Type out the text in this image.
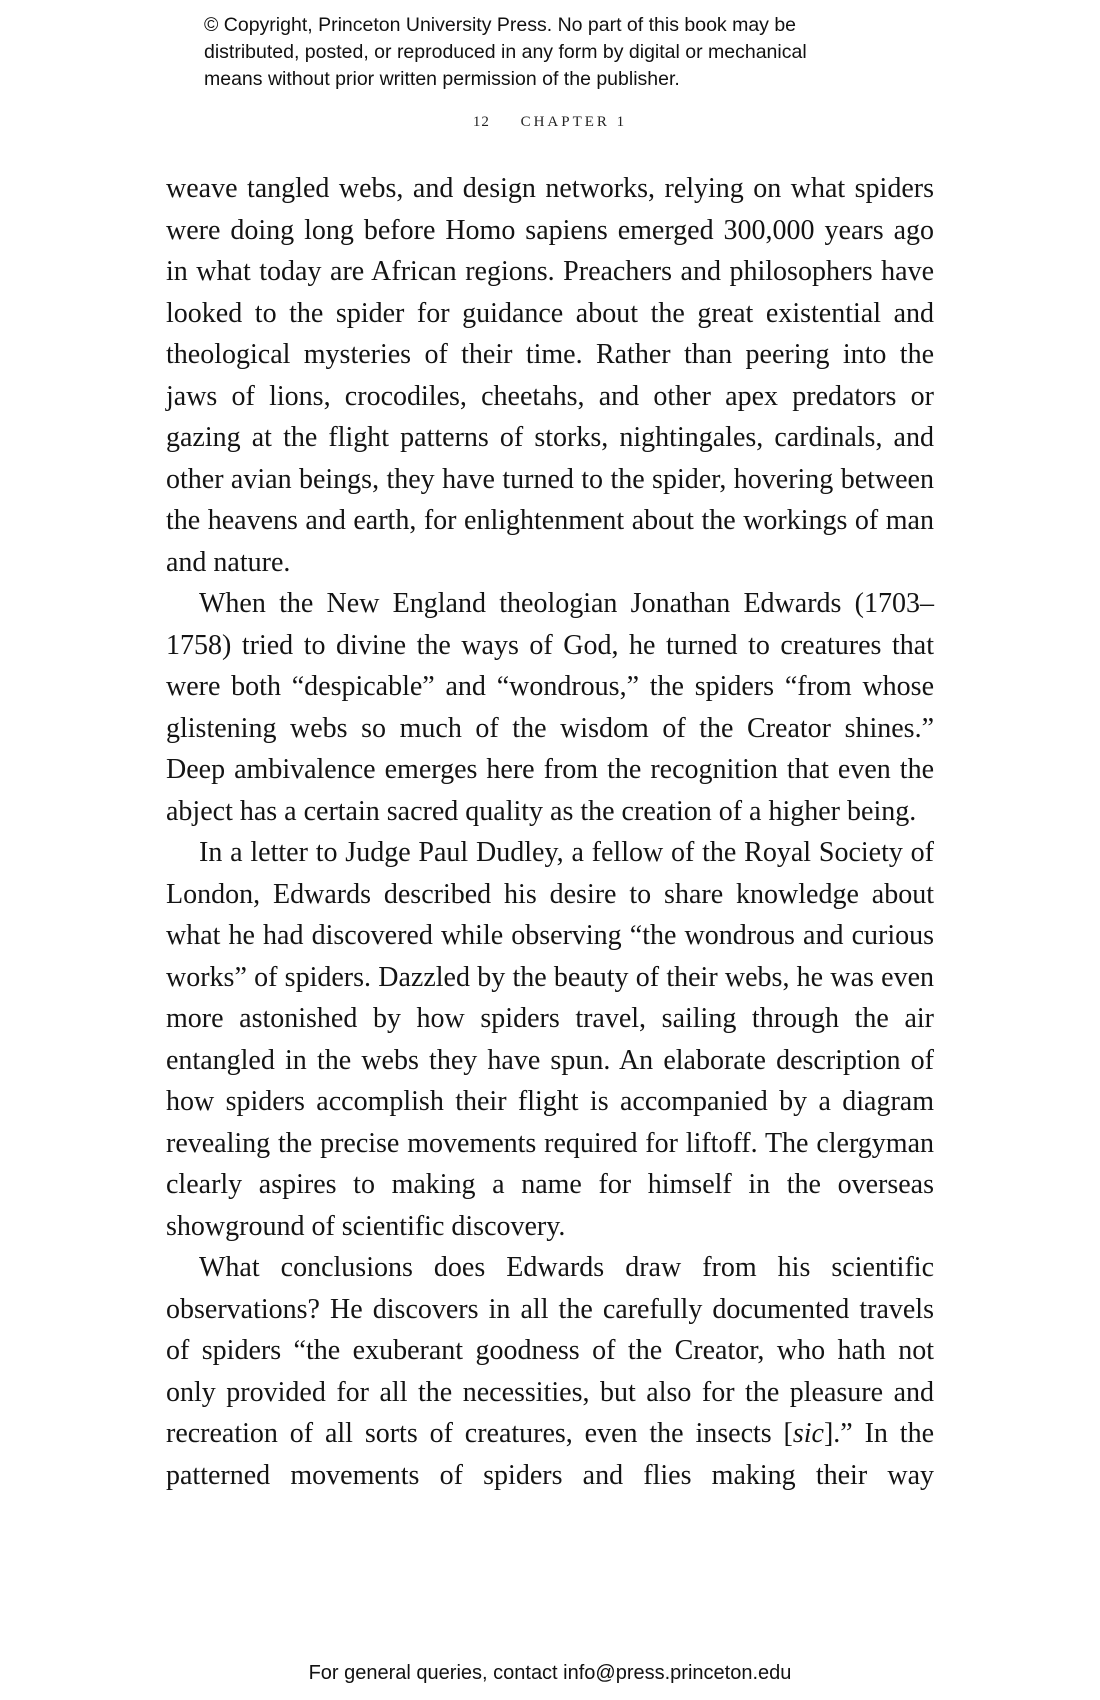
© Copyright, Princeton University Press. No part of this book may be
distributed, posted, or reproduced in any form by digital or mechanical
means without prior written permission of the publisher.
12 CHAPTER 1

weave tangled webs, and design networks, relying on what spiders were doing long before Homo sapiens emerged 300,000 years ago in what today are African regions. Preachers and philosophers have looked to the spider for guidance about the great existential and theological mysteries of their time. Rather than peering into the jaws of lions, crocodiles, cheetahs, and other apex predators or gazing at the flight patterns of storks, nightingales, cardinals, and other avian beings, they have turned to the spider, hovering between the heavens and earth, for enlightenment about the workings of man and nature.

When the New England theologian Jonathan Edwards (1703–1758) tried to divine the ways of God, he turned to creatures that were both “despicable” and “wondrous,” the spiders “from whose glistening webs so much of the wisdom of the Creator shines.” Deep ambivalence emerges here from the recognition that even the abject has a certain sacred quality as the creation of a higher being.

In a letter to Judge Paul Dudley, a fellow of the Royal Society of London, Edwards described his desire to share knowledge about what he had discovered while observing “the wondrous and curious works” of spiders. Dazzled by the beauty of their webs, he was even more astonished by how spiders travel, sailing through the air entangled in the webs they have spun. An elaborate description of how spiders accomplish their flight is accompanied by a diagram revealing the precise movements required for liftoff. The clergyman clearly aspires to making a name for himself in the overseas showground of scientific discovery.

What conclusions does Edwards draw from his scientific observations? He discovers in all the carefully documented travels of spiders “the exuberant goodness of the Creator, who hath not only provided for all the necessities, but also for the pleasure and recreation of all sorts of creatures, even the insects [sic].” In the patterned movements of spiders and flies making their way

For general queries, contact info@press.princeton.edu
